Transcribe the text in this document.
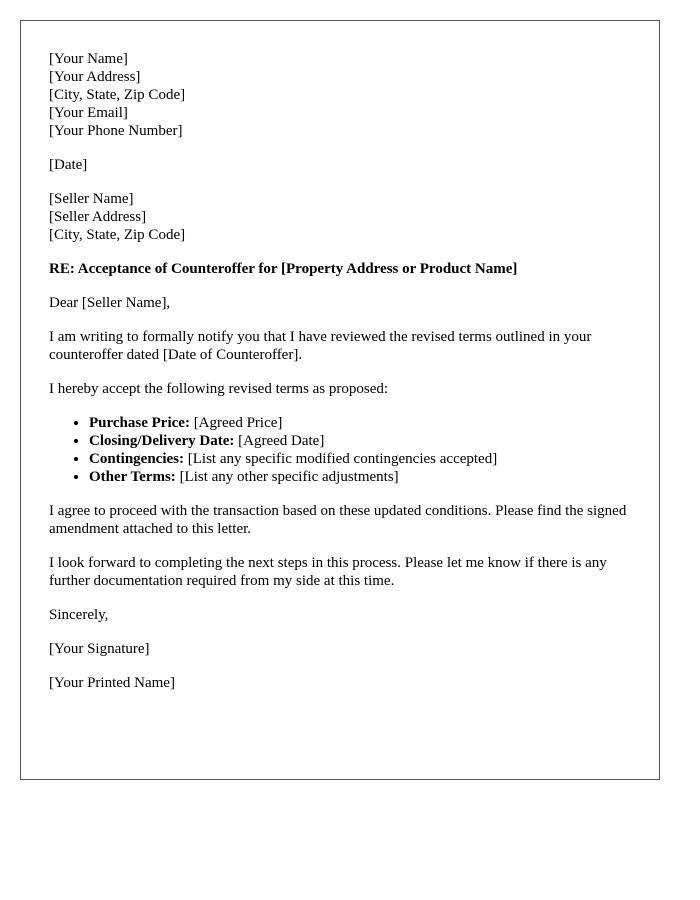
[Your Name]
[Your Address]
[City, State, Zip Code]
[Your Email]
[Your Phone Number]

[Date]

[Seller Name]
[Seller Address]
[City, State, Zip Code]

RE: Acceptance of Counteroffer for [Property Address or Product Name]

Dear [Seller Name],

I am writing to formally notify you that I have reviewed the revised terms outlined in your counteroffer dated [Date of Counteroffer].

I hereby accept the following revised terms as proposed:

• Purchase Price: [Agreed Price]
• Closing/Delivery Date: [Agreed Date]
• Contingencies: [List any specific modified contingencies accepted]
• Other Terms: [List any other specific adjustments]

I agree to proceed with the transaction based on these updated conditions. Please find the signed amendment attached to this letter.

I look forward to completing the next steps in this process. Please let me know if there is any further documentation required from my side at this time.

Sincerely,

[Your Signature]

[Your Printed Name]
